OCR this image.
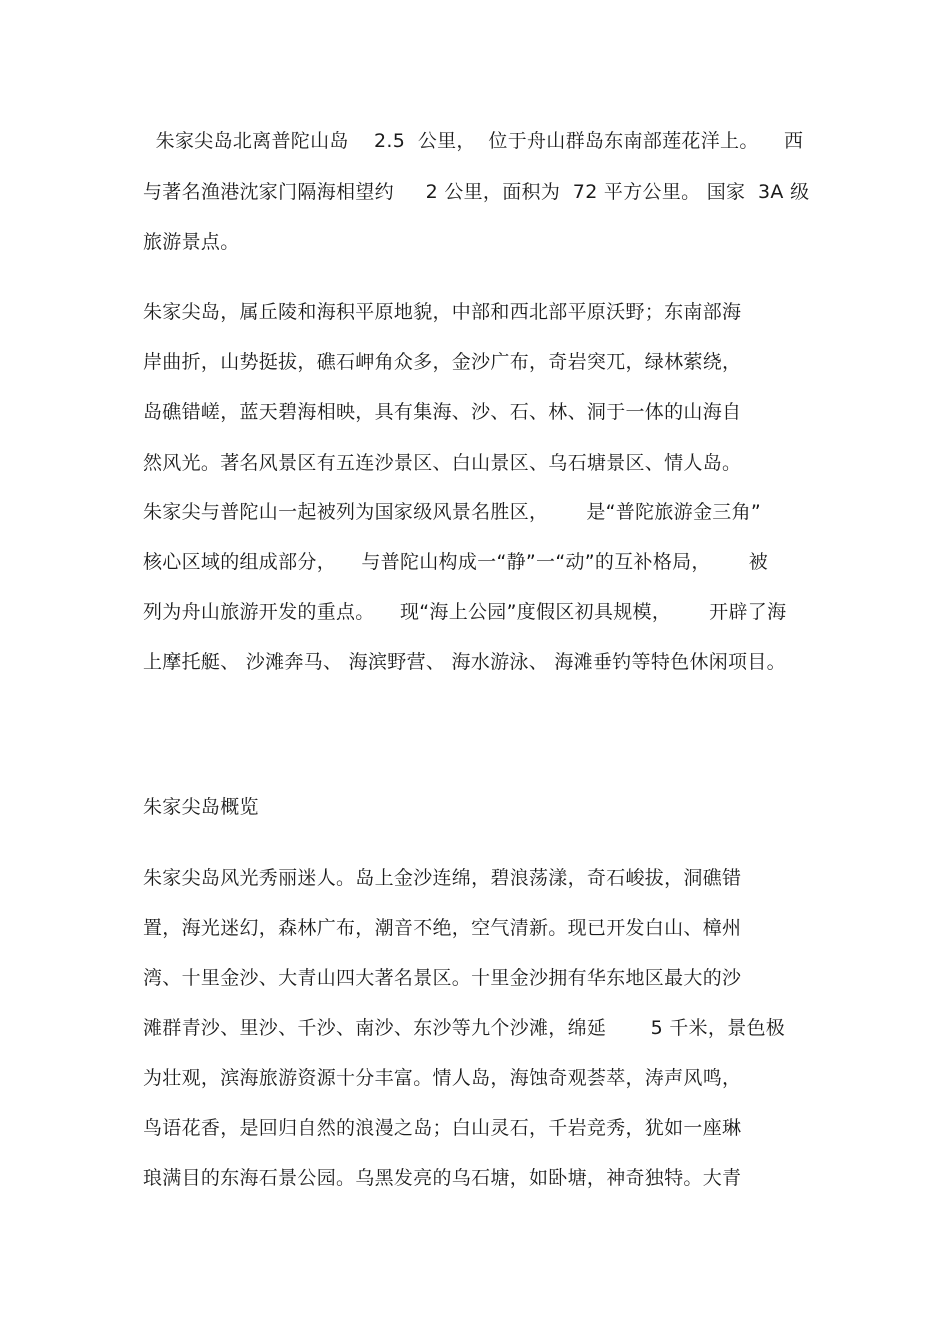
朱家尖岛北离普陀山岛    2.5  公里，  位于舟山群岛东南部莲花洋上。    西
与著名渔港沈家门隔海相望约     2 公里，面积为  72 平方公里。 国家  3A 级
旅游景点。
朱家尖岛，属丘陵和海积平原地貌，中部和西北部平原沃野；东南部海
岸曲折，山势挺拔，礁石岬角众多，金沙广布，奇岩突兀，绿林萦绕，
岛礁错嵯，蓝天碧海相映，具有集海、沙、石、林、洞于一体的山海自
然风光。著名风景区有五连沙景区、白山景区、乌石塘景区、情人岛。
朱家尖与普陀山一起被列为国家级风景名胜区，      是“普陀旅游金三角”
核心区域的组成部分，    与普陀山构成一“静”一“动”的互补格局，      被
列为舟山旅游开发的重点。    现“海上公园”度假区初具规模，      开辟了海
上摩托艇、 沙滩奔马、 海滨野营、 海水游泳、 海滩垂钓等特色休闲项目。
朱家尖岛概览
朱家尖岛风光秀丽迷人。岛上金沙连绵，碧浪荡漾，奇石峻拔，洞礁错
置，海光迷幻，森林广布，潮音不绝，空气清新。现已开发白山、樟州
湾、十里金沙、大青山四大著名景区。十里金沙拥有华东地区最大的沙
滩群青沙、里沙、千沙、南沙、东沙等九个沙滩，绵延       5 千米，景色极
为壮观，滨海旅游资源十分丰富。情人岛，海蚀奇观荟萃，涛声风鸣，
鸟语花香，是回归自然的浪漫之岛；白山灵石，千岩竞秀，犹如一座琳
琅满目的东海石景公园。乌黑发亮的乌石塘，如卧塘，神奇独特。大青
